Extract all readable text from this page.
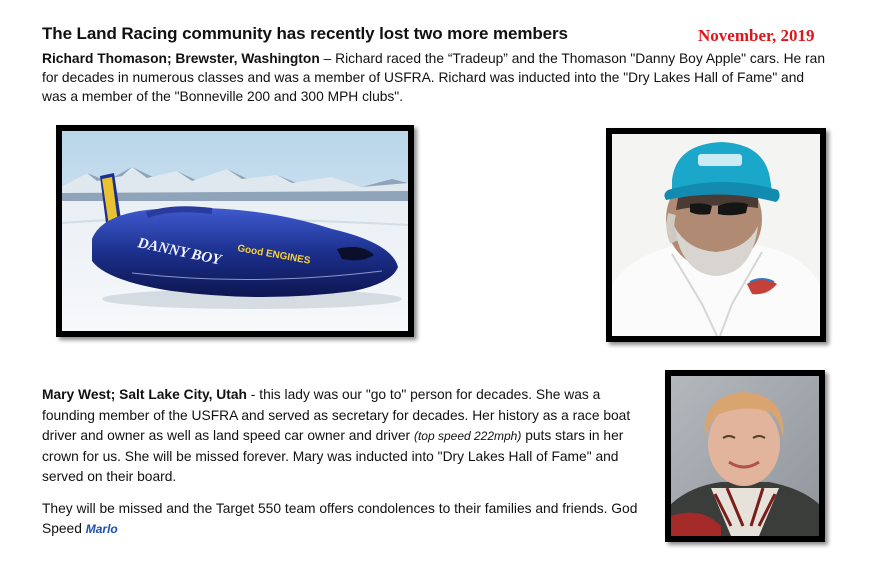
The Land Racing community has recently lost two more members	November, 2019
Richard Thomason; Brewster, Washington – Richard raced the “Tradeup” and the Thomason "Danny Boy Apple" cars. He ran for decades in numerous classes and was a member of USFRA. Richard was inducted into the "Dry Lakes Hall of Fame" and was a member of the "Bonneville 200 and 300 MPH clubs".
DANNY BOY Good ENGINES
Mary West; Salt Lake City, Utah - this lady was our "go to" person for decades. She was a founding member of the USFRA and served as secretary for decades. Her history as a race boat driver and owner as well as land speed car owner and driver (top speed 222mph) puts stars in her crown for us. She will be missed forever. Mary was inducted into "Dry Lakes Hall of Fame" and served on their board.
They will be missed and the Target 550 team offers condolences to their families and friends. God Speed Marlo
